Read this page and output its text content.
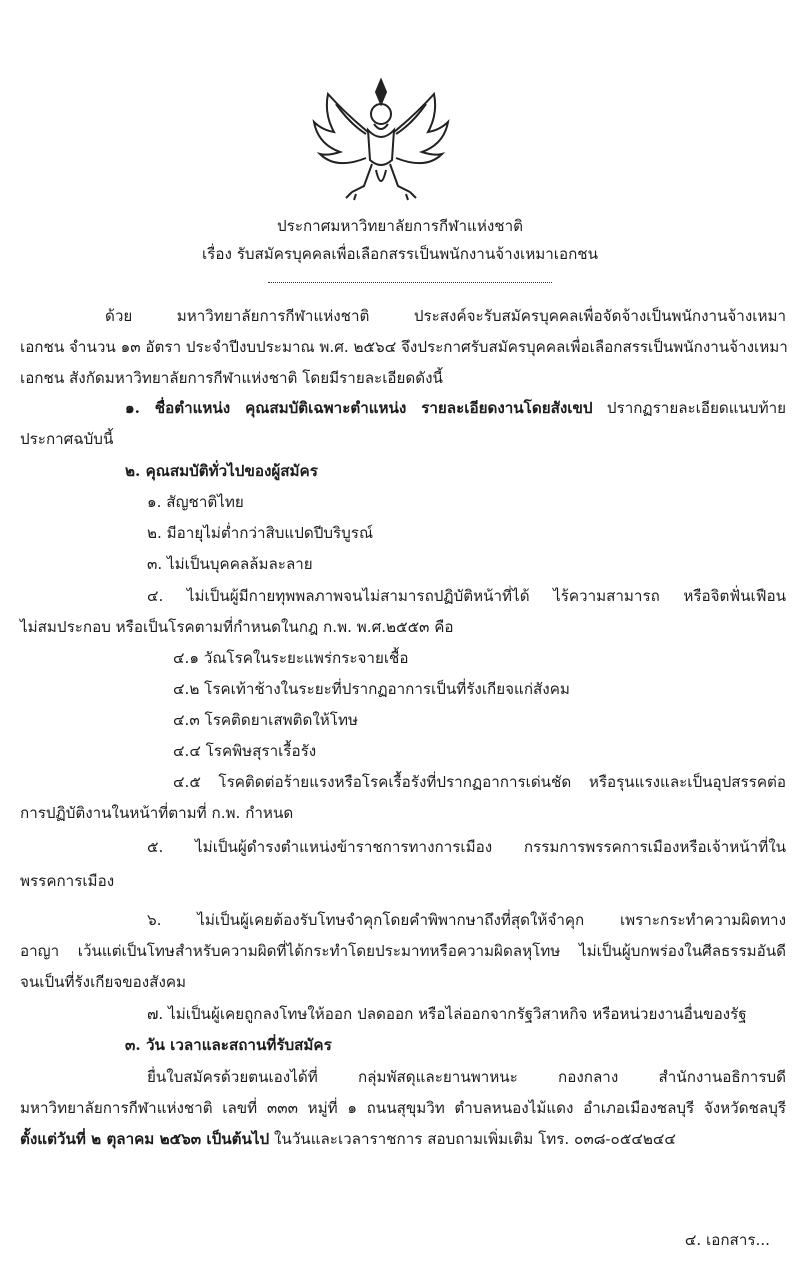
ประกาศมหาวิทยาลัยการกีฬาแห่งชาติ
เรื่อง รับสมัครบุคคลเพื่อเลือกสรรเป็นพนักงานจ้างเหมาเอกชน
ด้วย มหาวิทยาลัยการกีฬาแห่งชาติ ประสงค์จะรับสมัครบุคคลเพื่อจัดจ้างเป็นพนักงานจ้างเหมา
เอกชน จำนวน ๑๓ อัตรา ประจำปีงบประมาณ พ.ศ. ๒๕๖๔ จึงประกาศรับสมัครบุคคลเพื่อเลือกสรรเป็นพนักงานจ้างเหมา
เอกชน สังกัดมหาวิทยาลัยการกีฬาแห่งชาติ โดยมีรายละเอียดดังนี้
๑. ชื่อตำแหน่ง คุณสมบัติเฉพาะตำแหน่ง รายละเอียดงานโดยสังเขป ปรากฏรายละเอียดแนบท้าย
ประกาศฉบับนี้
๒. คุณสมบัติทั่วไปของผู้สมัคร
๑. สัญชาติไทย
๒. มีอายุไม่ต่ำกว่าสิบแปดปีบริบูรณ์
๓. ไม่เป็นบุคคลล้มละลาย
๔. ไม่เป็นผู้มีกายทุพพลภาพจนไม่สามารถปฏิบัติหน้าที่ได้ ไร้ความสามารถ หรือจิตฟั่นเฟือน
ไม่สมประกอบ หรือเป็นโรคตามที่กำหนดในกฎ ก.พ. พ.ศ.๒๕๕๓ คือ
๔.๑ วัณโรคในระยะแพร่กระจายเชื้อ
๔.๒ โรคเท้าช้างในระยะที่ปรากฏอาการเป็นที่รังเกียจแก่สังคม
๔.๓ โรคติดยาเสพติดให้โทษ
๔.๔ โรคพิษสุราเรื้อรัง
๔.๕ โรคติดต่อร้ายแรงหรือโรคเรื้อรังที่ปรากฏอาการเด่นชัด หรือรุนแรงและเป็นอุปสรรคต่อ
การปฏิบัติงานในหน้าที่ตามที่ ก.พ. กำหนด
๕. ไม่เป็นผู้ดำรงตำแหน่งข้าราชการทางการเมือง กรรมการพรรคการเมืองหรือเจ้าหน้าที่ใน
พรรคการเมือง
๖. ไม่เป็นผู้เคยต้องรับโทษจำคุกโดยคำพิพากษาถึงที่สุดให้จำคุก เพราะกระทำความผิดทาง
อาญา เว้นแต่เป็นโทษสำหรับความผิดที่ได้กระทำโดยประมาทหรือความผิดลหุโทษ ไม่เป็นผู้บกพร่องในศีลธรรมอันดี
จนเป็นที่รังเกียจของสังคม
๗. ไม่เป็นผู้เคยถูกลงโทษให้ออก ปลดออก หรือไล่ออกจากรัฐวิสาหกิจ หรือหน่วยงานอื่นของรัฐ
๓. วัน เวลาและสถานที่รับสมัคร
ยื่นใบสมัครด้วยตนเองได้ที่ กลุ่มพัสดุและยานพาหนะ กองกลาง สำนักงานอธิการบดี
มหาวิทยาลัยการกีฬาแห่งชาติ เลขที่ ๓๓๓ หมู่ที่ ๑ ถนนสุขุมวิท ตำบลหนองไม้แดง อำเภอเมืองชลบุรี จังหวัดชลบุรี
ตั้งแต่วันที่ ๒ ตุลาคม ๒๕๖๓ เป็นต้นไป ในวันและเวลาราชการ สอบถามเพิ่มเติม โทร. ๐๓๘-๐๕๔๒๔๔
๔. เอกสาร...
